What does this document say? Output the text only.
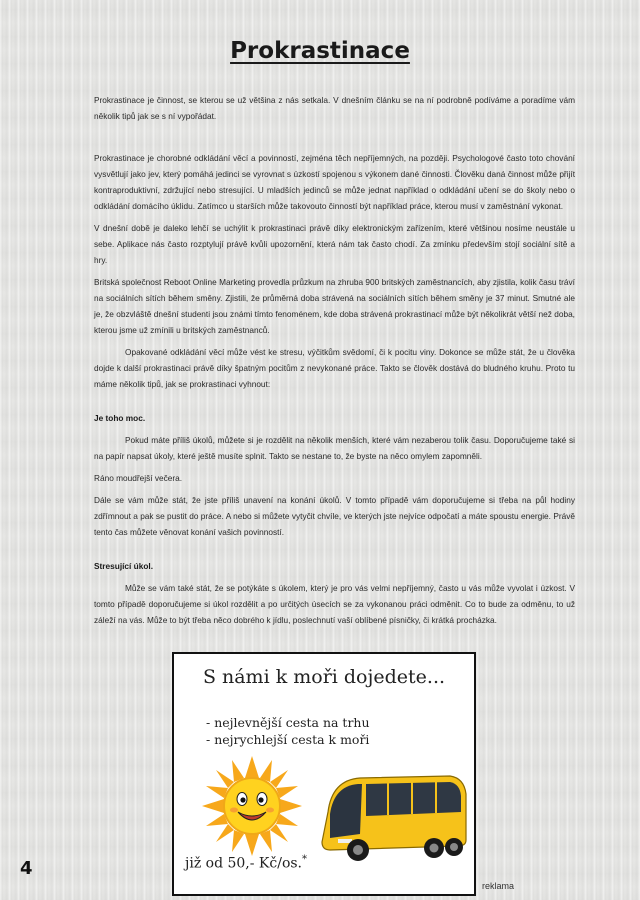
Prokrastinace

Prokrastinace je činnost, se kterou se už většina z nás setkala. V dnešním článku se na ní podrobně podíváme a poradíme vám několik tipů jak se s ní vypořádat.

Prokrastinace je chorobné odkládání věcí a povinností, zejména těch nepříjemných, na později. Psychologové často toto chování vysvětlují jako jev, který pomáhá jedinci se vyrovnat s úzkostí spojenou s výkonem dané činnosti. Člověku daná činnost může přijít kontraproduktivní, zdržující nebo stresující. U mladších jedinců se může jednat například o odkládání učení se do školy nebo o odkládání domácího úklidu. Zatímco u starších může takovouto činností být například práce, kterou musí v zaměstnání vykonat.

V dnešní době je daleko lehčí se uchýlit k prokrastinaci právě díky elektronickým zařízením, které většinou nosíme neustále u sebe. Aplikace nás často rozptylují právě kvůli upozornění, která nám tak často chodí. Za zmínku především stojí sociální sítě a hry.

Britská společnost Reboot Online Marketing provedla průzkum na zhruba 900 britských zaměstnancích, aby zjistila, kolik času tráví na sociálních sítích během směny. Zjistili, že průměrná doba strávená na sociálních sítích během směny je 37 minut. Smutné ale je, že obzvláště dnešní studenti jsou známi tímto fenoménem, kde doba strávená prokrastinací může být několikrát větší než doba, kterou jsme už zmínili u britských zaměstnanců.

Opakované odkládání věcí může vést ke stresu, výčitkům svědomí, či k pocitu viny. Dokonce se může stát, že u člověka dojde k další prokrastinaci právě díky špatným pocitům z nevykonané práce. Takto se člověk dostává do bludného kruhu. Proto tu máme několik tipů, jak se prokrastinaci vyhnout:

Je toho moc.

Pokud máte příliš úkolů, můžete si je rozdělit na několik menších, které vám nezaberou tolik času. Doporučujeme také si na papír napsat úkoly, které ještě musíte splnit. Takto se nestane to, že byste na něco omylem zapomněli.

Ráno moudřejší večera.

Dále se vám může stát, že jste příliš unavení na konání úkolů. V tomto případě vám doporučujeme si třeba na půl hodiny zdřímnout a pak se pustit do práce. A nebo si můžete vytyčit chvíle, ve kterých jste nejvíce odpočatí a máte spoustu energie. Právě tento čas můžete věnovat konání vašich povinností.

Stresující úkol.

Může se vám také stát, že se potýkáte s úkolem, který je pro vás velmi nepříjemný, často u vás může vyvolat i úzkost. V tomto případě doporučujeme si úkol rozdělit a po určitých úsecích se za vykonanou práci odměnit. Co to bude za odměnu, to už záleží na vás. Může to být třeba něco dobrého k jídlu, poslechnutí vaší oblíbené písničky, či krátká procházka.

S námi k moři dojedete...
- nejlevnější cesta na trhu
- nejrychlejší cesta k moři
již od 50,- Kč/os.*
4
reklama
